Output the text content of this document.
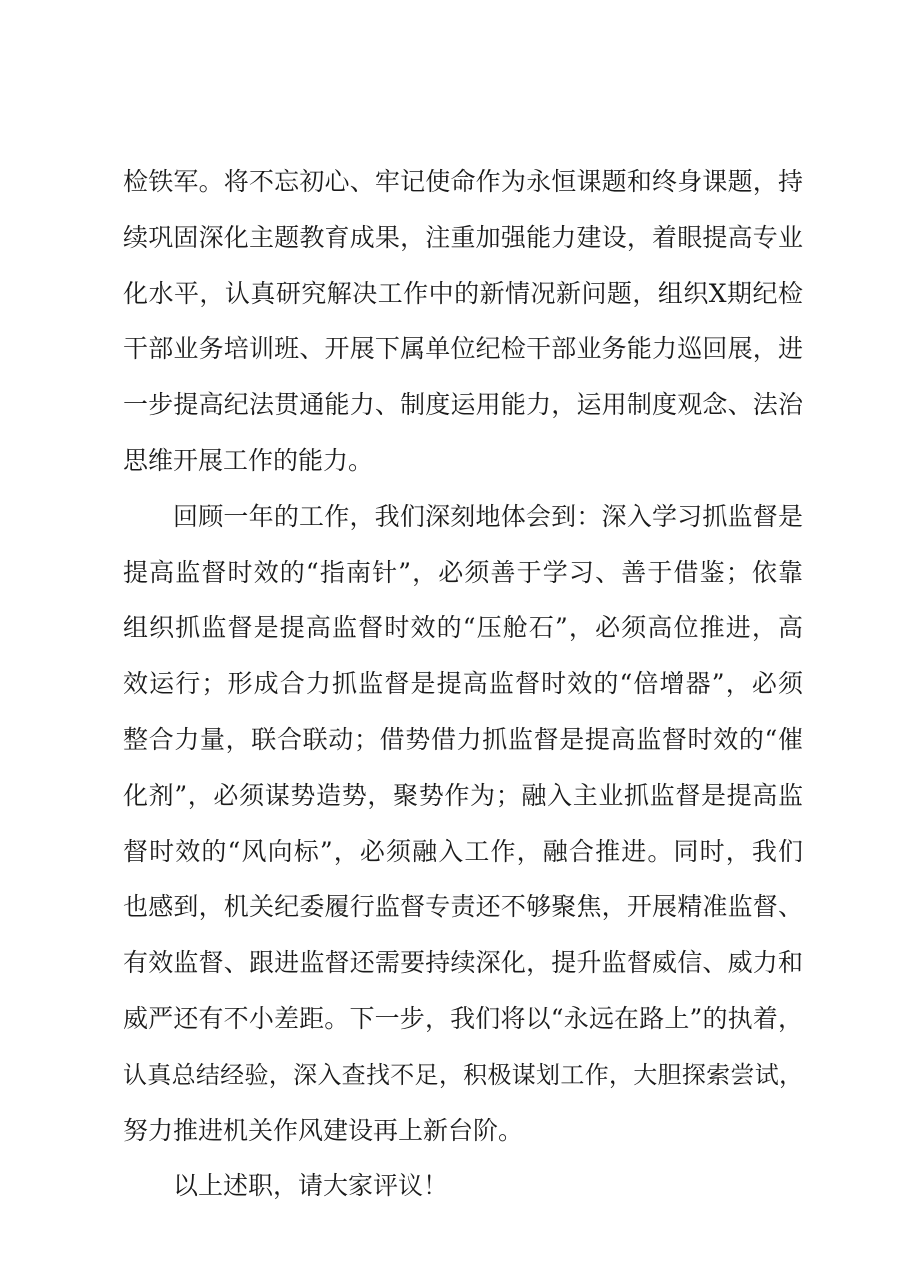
检铁军。将不忘初心、牢记使命作为永恒课题和终身课题，持
续巩固深化主题教育成果，注重加强能力建设，着眼提高专业
化水平，认真研究解决工作中的新情况新问题，组织X期纪检
干部业务培训班、开展下属单位纪检干部业务能力巡回展，进
一步提高纪法贯通能力、制度运用能力，运用制度观念、法治
思维开展工作的能力。
回顾一年的工作，我们深刻地体会到：深入学习抓监督是
提高监督时效的“指南针”，必须善于学习、善于借鉴；依靠
组织抓监督是提高监督时效的“压舱石”，必须高位推进，高
效运行；形成合力抓监督是提高监督时效的“倍增器”，必须
整合力量，联合联动；借势借力抓监督是提高监督时效的“催
化剂”，必须谋势造势，聚势作为；融入主业抓监督是提高监
督时效的“风向标”，必须融入工作，融合推进。同时，我们
也感到，机关纪委履行监督专责还不够聚焦，开展精准监督、
有效监督、跟进监督还需要持续深化，提升监督威信、威力和
威严还有不小差距。下一步，我们将以“永远在路上”的执着，
认真总结经验，深入查找不足，积极谋划工作，大胆探索尝试，
努力推进机关作风建设再上新台阶。
以上述职，请大家评议！
